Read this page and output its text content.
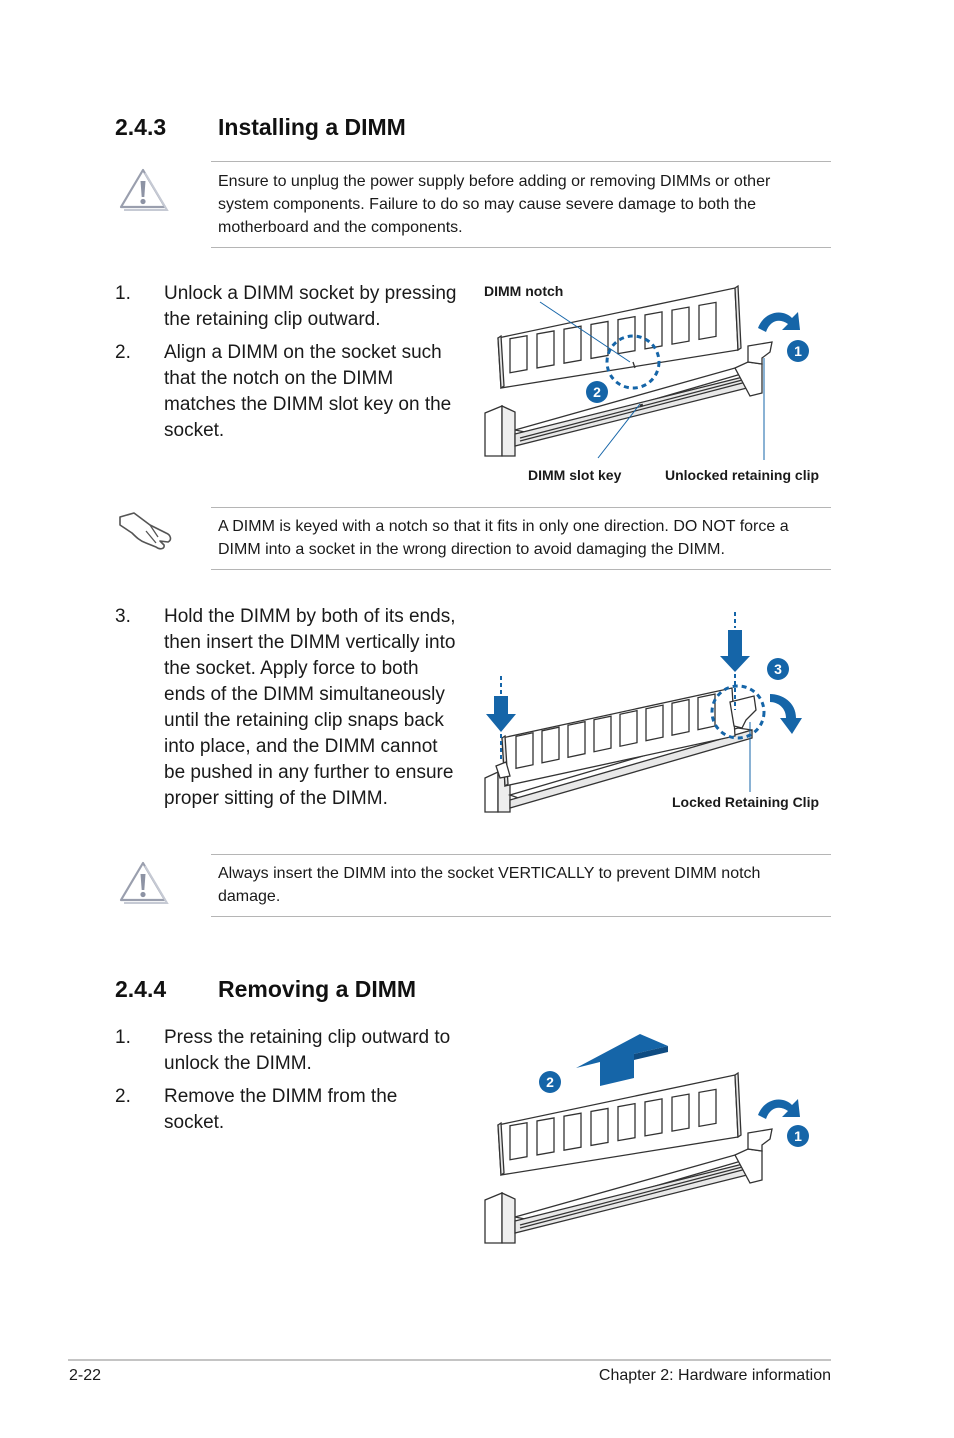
2.4.3 Installing a DIMM
Ensure to unplug the power supply before adding or removing DIMMs or other system components. Failure to do so may cause severe damage to both the motherboard and the components.
1. Unlock a DIMM socket by pressing the retaining clip outward.
2. Align a DIMM on the socket such that the notch on the DIMM matches the DIMM slot key on the socket.
1
2
DIMM notch
DIMM slot key	Unlocked retaining clip
A DIMM is keyed with a notch so that it fits in only one direction. DO NOT force a DIMM into a socket in the wrong direction to avoid damaging the DIMM.
3. Hold the DIMM by both of its ends, then insert the DIMM vertically into the socket. Apply force to both ends of the DIMM simultaneously until the retaining clip snaps back into place, and the DIMM cannot be pushed in any further to ensure proper sitting of the DIMM.
3
Locked Retaining Clip
Always insert the DIMM into the socket VERTICALLY to prevent DIMM notch damage.
2.4.4 Removing a DIMM
1. Press the retaining clip outward to unlock the DIMM.
2. Remove the DIMM from the socket.
2
1
2-22	Chapter 2: Hardware information
